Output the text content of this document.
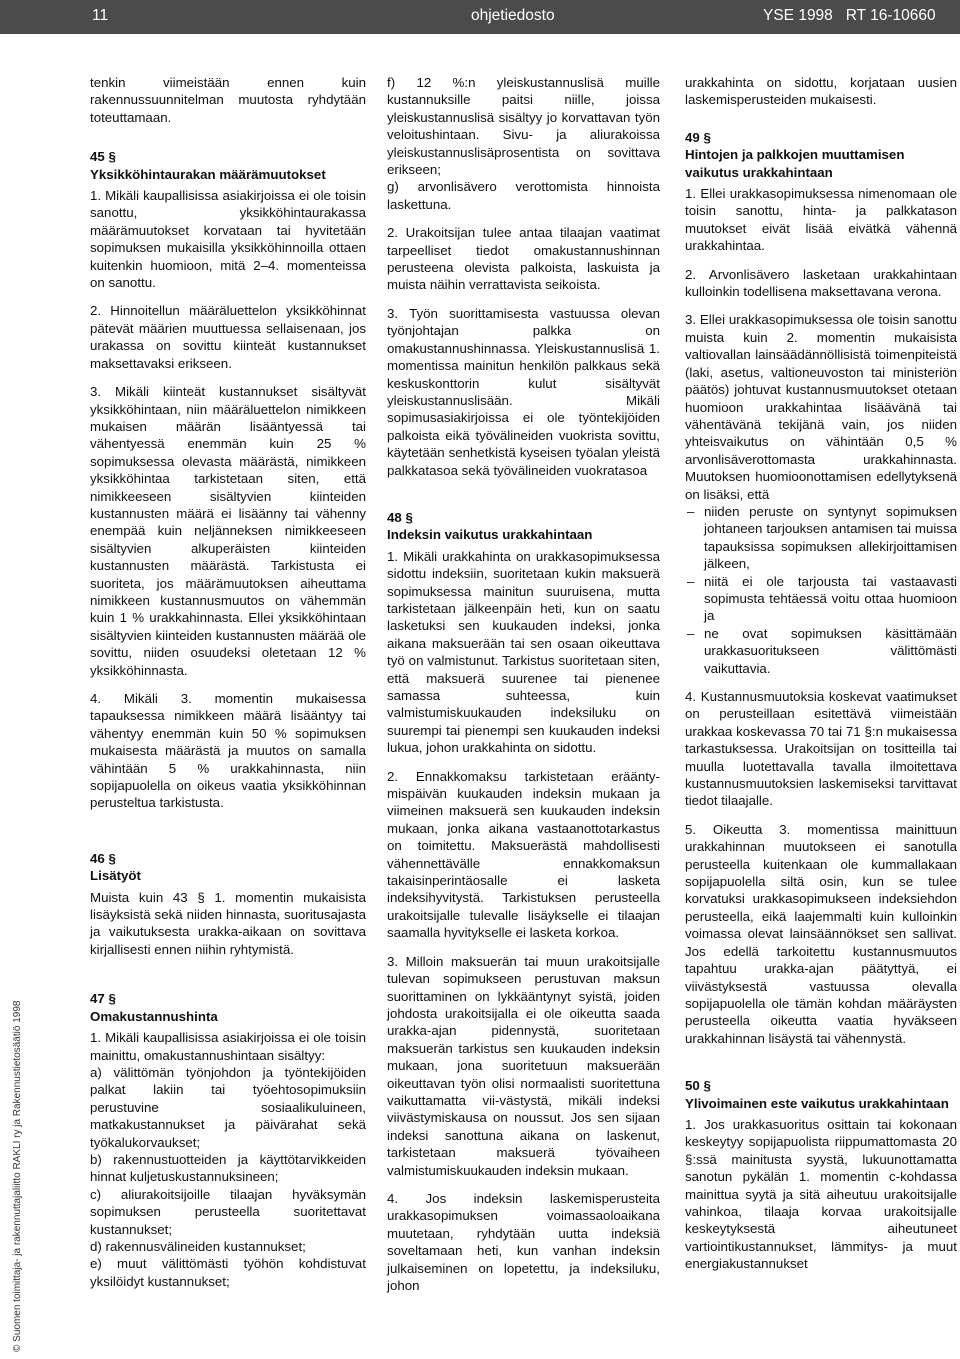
11	ohjetiedosto	YSE 1998   RT 16-10660
© Suomen toimittaja- ja rakennuttajaliitto RAKLI ry ja Rakennustietosäätiö 1998

tenkin viimeistään ennen kuin rakennussuunnitelman muutosta ryhdytään toteuttamaan.

45 §
Yksikköhintaurakan määrämuutokset

1. Mikäli kaupallisissa asiakirjoissa ei ole toisin sanottu, yksikköhintaurakassa määrämuutokset korvataan tai hyvitetään sopimuksen mukaisilla yksikköhinnoilla ottaen kuitenkin huomioon, mitä 2–4. momenteissa on sanottu.

2. Hinnoitellun määräluettelon yksikköhinnat pätevät määrien muuttuessa sellaisenaan, jos urakassa on sovittu kiinteät kustannukset maksettavaksi erikseen.

3. Mikäli kiinteät kustannukset sisältyvät yksikköhintaan, niin määräluettelon nimikkeen mukaisen määrän lisääntyessä tai vähentyessä enemmän kuin 25 % sopimuksessa olevasta määrästä, nimikkeen yksikköhintaa tarkistetaan siten, että nimikkeeseen sisältyvien kiinteiden kustannusten määrä ei lisäänny tai vähenny enempää kuin neljänneksen nimikkeeseen sisältyvien alkuperäisten kiinteiden kustannusten määrästä. Tarkistusta ei suoriteta, jos määrämuutoksen aiheuttama nimikkeen kustannusmuutos on vähemmän kuin 1 % urakkahinnasta. Ellei yksikköhintaan sisältyvien kiinteiden kustannusten määrää ole sovittu, niiden osuudeksi oletetaan 12 % yksikköhinnasta.

4. Mikäli 3. momentin mukaisessa tapauksessa nimikkeen määrä lisääntyy tai vähentyy enemmän kuin 50 % sopimuksen mukaisesta määrästä ja muutos on samalla vähintään 5 % urakkahinnasta, niin sopijapuolella on oikeus vaatia yksikköhinnan perusteltua tarkistusta.

46 §
Lisätyöt

Muista kuin 43 § 1. momentin mukaisista lisäyksistä sekä niiden hinnasta, suoritusajasta ja vaikutuksesta urakka-aikaan on sovittava kirjallisesti ennen niihin ryhtymistä.

47 §
Omakustannushinta

1. Mikäli kaupallisissa asiakirjoissa ei ole toisin mainittu, omakustannushintaan sisältyy:

a) välittömän työnjohdon ja työntekijöiden palkat lakiin tai työehtosopimuksiin perustuvine sosiaalikuluineen, matkakustannukset ja päivärahat sekä työkalukorvaukset;

b) rakennustuotteiden ja käyttötarvikkeiden hinnat kuljetuskustannuksineen;

c) aliurakoitsijoille tilaajan hyväksymän sopimuksen perusteella suoritettavat kustannukset;

d) rakennusvälineiden kustannukset;

e) muut välittömästi työhön kohdistuvat yksilöidyt kustannukset;

f) 12 %:n yleiskustannuslisä muille kustannuksille paitsi niille, joissa yleiskustannuslisä sisältyy jo korvattavan työn veloitushintaan. Sivu- ja aliurakoissa yleiskustannuslisäprosentista on sovittava erikseen;

g) arvonlisävero verottomista hinnoista laskettuna.

2. Urakoitsijan tulee antaa tilaajan vaatimat tarpeelliset tiedot omakustannushinnan perusteena olevista palkoista, laskuista ja muista näihin verrattavista seikoista.

3. Työn suorittamisesta vastuussa olevan työnjohtajan palkka on omakustannushinnassa. Yleiskustannuslisä 1. momentissa mainitun henkilön palkkaus sekä keskuskonttorin kulut sisältyvät yleiskustannuslisään. Mikäli sopimusasiakirjoissa ei ole työntekijöiden palkoista eikä työvälineiden vuokrista sovittu, käytetään senhetkistä kyseisen työalan yleistä palkkatasoa sekä työvälineiden vuokratasoa

48 §
Indeksin vaikutus urakkahintaan

1. Mikäli urakkahinta on urakkasopimuksessa sidottu indeksiin, suoritetaan kukin maksuerä sopimuksessa mainitun suuruisena, mutta tarkistetaan jälkeenpäin heti, kun on saatu lasketuksi sen kuukauden indeksi, jonka aikana maksuerään tai sen osaan oikeuttava työ on valmistunut. Tarkistus suoritetaan siten, että maksuerä suurenee tai pienenee samassa suhteessa, kuin valmistumiskuukauden indeksiluku on suurempi tai pienempi sen kuukauden indeksi lukua, johon urakkahinta on sidottu.

2. Ennakkomaksu tarkistetaan eräänty-mispäivän kuukauden indeksin mukaan ja viimeinen maksuerä sen kuukauden indeksin mukaan, jonka aikana vastaanottotarkastus on toimitettu. Maksuerästä mahdollisesti vähennettävälle ennakkomaksun takaisinperintäosalle ei lasketa indeksihyvitystä. Tarkistuksen perusteella urakoitsijalle tulevalle lisäykselle ei tilaajan saamalla hyvitykselle ei lasketa korkoa.

3. Milloin maksuerän tai muun urakoitsijalle tulevan sopimukseen perustuvan maksun suorittaminen on lykkääntynyt syistä, joiden johdosta urakoitsijalla ei ole oikeutta saada urakka-ajan pidennystä, suoritetaan maksuerän tarkistus sen kuukauden indeksin mukaan, jona suoritetuun maksuerään oikeuttavan työn olisi normaalisti suoritettuna vaikuttamatta vii-västystä, mikäli indeksi viivästymiskausa on noussut. Jos sen sijaan indeksi sanottuna aikana on laskenut, tarkistetaan maksuerä työvaiheen valmistumiskuukauden indeksin mukaan.

4. Jos indeksin laskemisperusteita urakkasopimuksen voimassaoloaikana muutetaan, ryhdytään uutta indeksiä soveltamaan heti, kun vanhan indeksin julkaiseminen on lopetettu, ja indeksiluku, johon

urakkahinta on sidottu, korjataan uusien laskemisperusteiden mukaisesti.

49 §
Hintojen ja palkkojen muuttamisen vaikutus urakkahintaan

1. Ellei urakkasopimuksessa nimenomaan ole toisin sanottu, hinta- ja palkkatason muutokset eivät lisää eivätkä vähennä urakkahintaa.

2. Arvonlisävero lasketaan urakkahintaan kulloinkin todellisena maksettavana verona.

3. Ellei urakkasopimuksessa ole toisin sanottu muista kuin 2. momentin mukaisista valtiovallan lainsäädännöllisistä toimenpiteistä (laki, asetus, valtioneuvoston tai ministeriön päätös) johtuvat kustannusmuutokset otetaan huomioon urakkahintaa lisäävänä tai vähentävänä tekijänä vain, jos niiden yhteisvaikutus on vähintään 0,5 % arvonlisäverottomasta urakkahinnasta. Muutoksen huomioonottamisen edellytyksenä on lisäksi, että

– niiden peruste on syntynyt sopimuksen johtaneen tarjouksen antamisen tai muissa tapauksissa sopimuksen allekirjoittamisen jälkeen,
– niitä ei ole tarjousta tai vastaavasti sopimusta tehtäessä voitu ottaa huomioon ja
– ne ovat sopimuksen käsittämään urakkasuoritukseen välittömästi vaikuttavia.

4. Kustannusmuutoksia koskevat vaatimukset on perusteillaan esitettävä viimeistään urakkaa koskevassa 70 tai 71 §:n mukaisessa tarkastuksessa. Urakoitsijan on tositteilla tai muulla luotettavalla tavalla ilmoitettava kustannusmuutoksien laskemiseksi tarvittavat tiedot tilaajalle.

5. Oikeutta 3. momentissa mainittuun urakkahinnan muutokseen ei sanotulla perusteella kuitenkaan ole kummallakaan sopijapuolella siltä osin, kun se tulee korvatuksi urakkasopimukseen indeksiehdon perusteella, eikä laajemmalti kuin kulloinkin voimassa olevat lainsäännökset sen sallivat. Jos edellä tarkoitettu kustannusmuutos tapahtuu urakka-ajan päätyttyä, ei viivästyksestä vastuussa olevalla sopijapuolella ole tämän kohdan määräysten perusteella oikeutta vaatia hyväkseen urakkahinnan lisäystä tai vähennystä.

50 §
Ylivoimainen este vaikutus urakkahintaan

1. Jos urakkasuoritus osittain tai kokonaan keskeytyy sopijapuolista riippumattomasta 20 §:ssä mainitusta syystä, lukuunottamatta sanotun pykälän 1. momentin c-kohdassa mainittua syytä ja sitä aiheutuu urakoitsijalle vahinkoa, tilaaja korvaa urakoitsijalle keskeytyksestä aiheutuneet vartiointikustannukset, lämmitys- ja muut energiakustannukset
